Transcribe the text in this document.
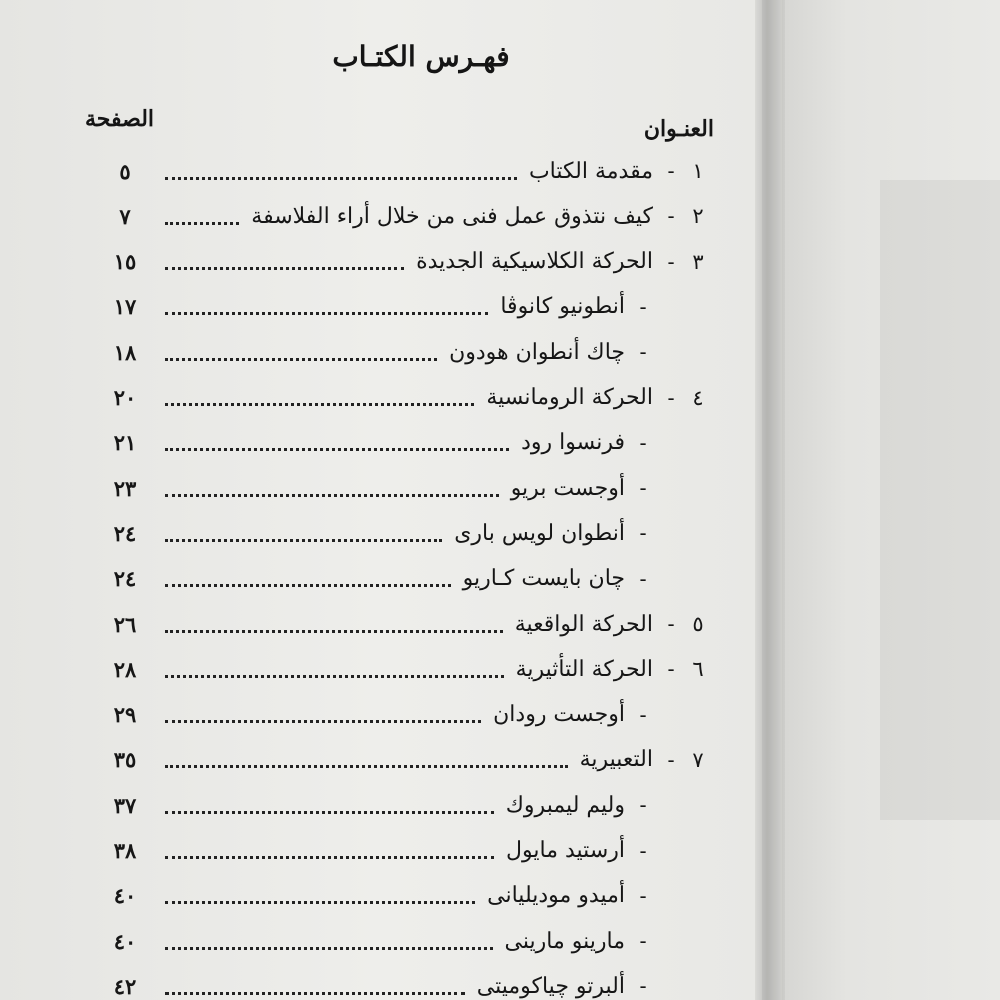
فهـرس الكتـاب
العنـوان
الصفحة
١
-
مقدمة الكتاب
٥
٢
-
كيف نتذوق عمل فنى من خلال أراء الفلاسفة
٧
٣
-
الحركة الكلاسيكية الجديدة
١٥
-
أنطونيو كانوڤا
١٧
-
چاك أنطوان هودون
١٨
٤
-
الحركة الرومانسية
٢٠
-
فرنسوا رود
٢١
-
أوجست بريو
٢٣
-
أنطوان لويس بارى
٢٤
-
چان بايست كـاريو
٢٤
٥
-
الحركة الواقعية
٢٦
٦
-
الحركة التأثيرية
٢٨
-
أوجست رودان
٢٩
٧
-
التعبيرية
٣٥
-
وليم ليمبروك
٣٧
-
أرستيد مايول
٣٨
-
أميدو موديليانى
٤٠
-
مارينو مارينى
٤٠
-
ألبرتو چياكوميتى
٤٢
